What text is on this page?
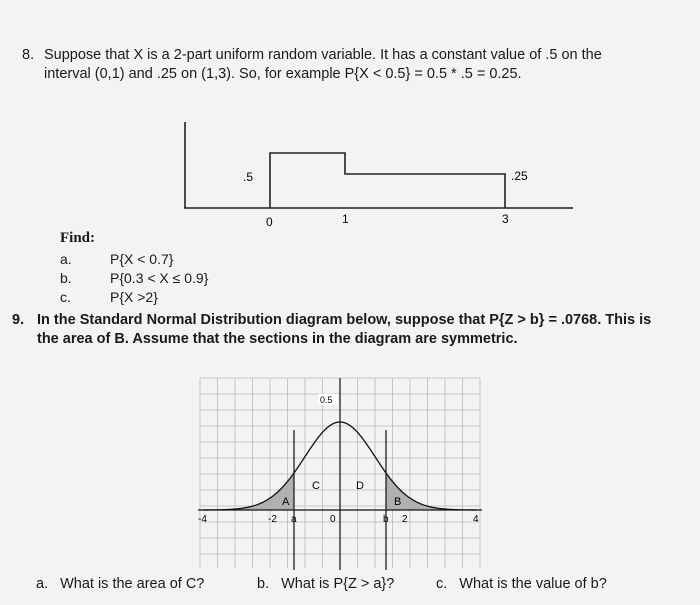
8. Suppose that X is a 2-part uniform random variable. It has a constant value of .5 on the
interval (0,1) and .25 on (1,3). So, for example P{X < 0.5} = 0.5 * .5 = 0.25.
.5	.25
0	1	3
Find:
a.	P{X < 0.7}
b.	P{0.3 < X ≤ 0.9}
c.	P{X >2}
9. In the Standard Normal Distribution diagram below, suppose that P{Z > b} = .0768. This is
the area of B. Assume that the sections in the diagram are symmetric.
0.5
A
C	D
B
-4	-2 a	0	b 2	4
a. What is the area of C?	b. What is P{Z > a}?	c. What is the value of b?
